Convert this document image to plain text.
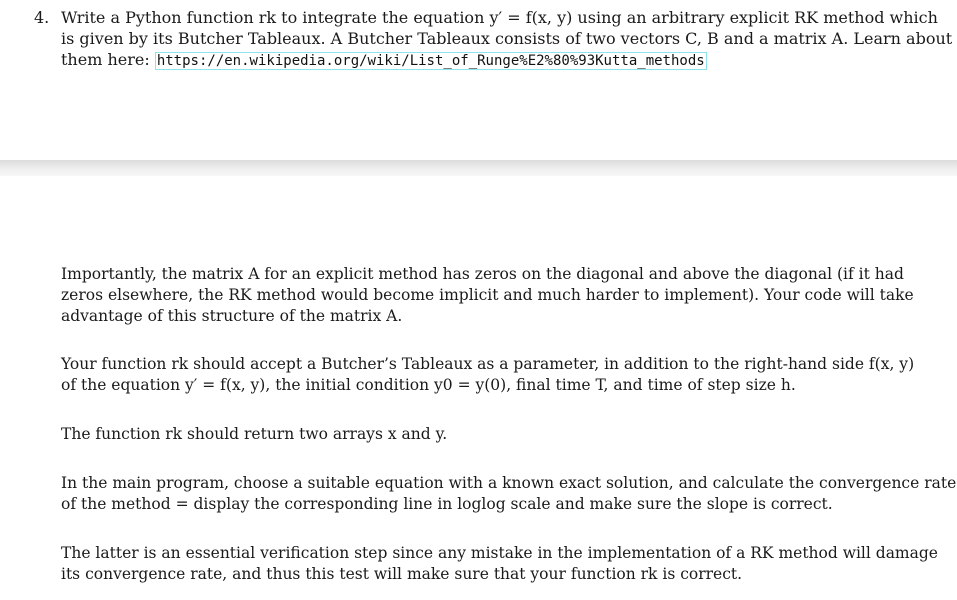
4. Write a Python function rk to integrate the equation y′ = f(x, y) using an arbitrary explicit RK method which
is given by its Butcher Tableaux. A Butcher Tableaux consists of two vectors C, B and a matrix A. Learn about
them here: https://en.wikipedia.org/wiki/List_of_Runge%E2%80%93Kutta_methods
Importantly, the matrix A for an explicit method has zeros on the diagonal and above the diagonal (if it had
zeros elsewhere, the RK method would become implicit and much harder to implement). Your code will take
advantage of this structure of the matrix A.
Your function rk should accept a Butcher’s Tableaux as a parameter, in addition to the right-hand side f(x, y)
of the equation y′ = f(x, y), the initial condition y0 = y(0), final time T, and time of step size h.
The function rk should return two arrays x and y.
In the main program, choose a suitable equation with a known exact solution, and calculate the convergence rate
of the method = display the corresponding line in loglog scale and make sure the slope is correct.
The latter is an essential verification step since any mistake in the implementation of a RK method will damage
its convergence rate, and thus this test will make sure that your function rk is correct.
